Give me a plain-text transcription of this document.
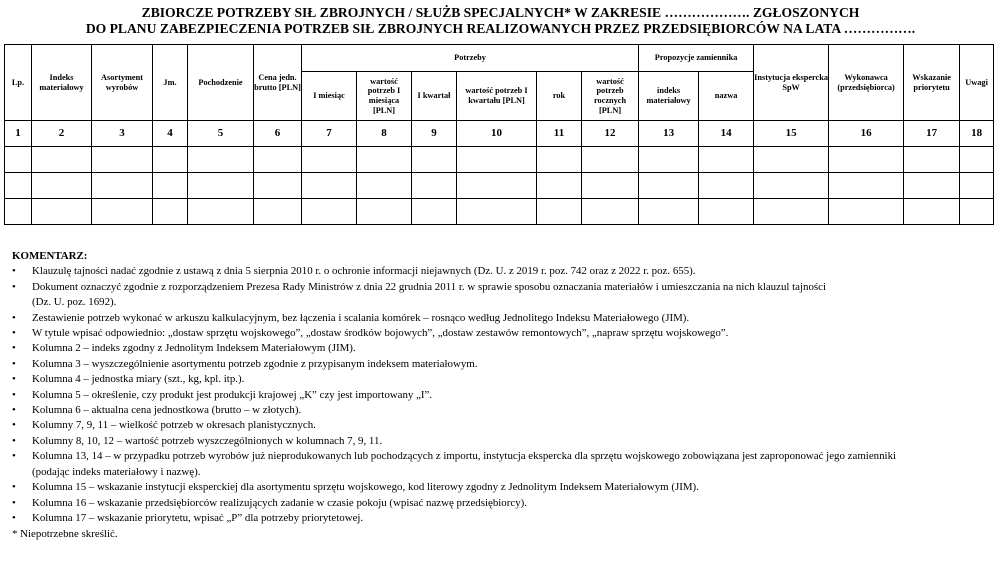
ZBIORCZE POTRZEBY SIŁ ZBROJNYCH / SŁUŻB SPECJALNYCH* W ZAKRESIE ………………. ZGŁOSZONYCH
DO PLANU ZABEZPIECZENIA POTRZEB SIŁ ZBROJNYCH REALIZOWANYCH PRZEZ PRZEDSIĘBIORCÓW NA LATA …………….
Lp.	Indeks materiałowy	Asortyment wyrobów	Jm.	Pochodzenie	Cena jedn. brutto [PLN]	Potrzeby						Propozycje zamiennika		Instytucja ekspercka SpW	Wykonawca (przedsiębiorca)	Wskazanie priorytetu	Uwagi
						I miesiąc	wartość potrzeb I miesiąca [PLN]	I kwartał	wartość potrzeb I kwartału [PLN]	rok	wartość potrzeb rocznych [PLN]	indeks materiałowy	nazwa				
1	2	3	4	5	6	7	8	9	10	11	12	13	14	15	16	17	18

KOMENTARZ:
• Klauzulę tajności nadać zgodnie z ustawą z dnia 5 sierpnia 2010 r. o ochronie informacji niejawnych (Dz. U. z 2019 r. poz. 742 oraz z 2022 r. poz. 655).
• Dokument oznaczyć zgodnie z rozporządzeniem Prezesa Rady Ministrów z dnia 22 grudnia 2011 r. w sprawie sposobu oznaczania materiałów i umieszczania na nich klauzul tajności
(Dz. U. poz. 1692).
• Zestawienie potrzeb wykonać w arkuszu kalkulacyjnym, bez łączenia i scalania komórek – rosnąco według Jednolitego Indeksu Materiałowego (JIM).
• W tytule wpisać odpowiednio: „dostaw sprzętu wojskowego”, „dostaw środków bojowych”, „dostaw zestawów remontowych”, „napraw sprzętu wojskowego”.
• Kolumna 2 – indeks zgodny z Jednolitym Indeksem Materiałowym (JIM).
• Kolumna 3 – wyszczególnienie asortymentu potrzeb zgodnie z przypisanym indeksem materiałowym.
• Kolumna 4 – jednostka miary (szt., kg, kpl. itp.).
• Kolumna 5 – określenie, czy produkt jest produkcji krajowej „K” czy jest importowany „I”.
• Kolumna 6 – aktualna cena jednostkowa (brutto – w złotych).
• Kolumny 7, 9, 11 – wielkość potrzeb w okresach planistycznych.
• Kolumny 8, 10, 12 – wartość potrzeb wyszczególnionych w kolumnach 7, 9, 11.
• Kolumna 13, 14 – w przypadku potrzeb wyrobów już nieprodukowanych lub pochodzących z importu, instytucja ekspercka dla sprzętu wojskowego zobowiązana jest zaproponować jego zamienniki
(podając indeks materiałowy i nazwę).
• Kolumna 15 – wskazanie instytucji eksperckiej dla asortymentu sprzętu wojskowego, kod literowy zgodny z Jednolitym Indeksem Materiałowym (JIM).
• Kolumna 16 – wskazanie przedsiębiorców realizujących zadanie w czasie pokoju (wpisać nazwę przedsiębiorcy).
• Kolumna 17 – wskazanie priorytetu, wpisać „P” dla potrzeby priorytetowej.
* Niepotrzebne skreślić.
